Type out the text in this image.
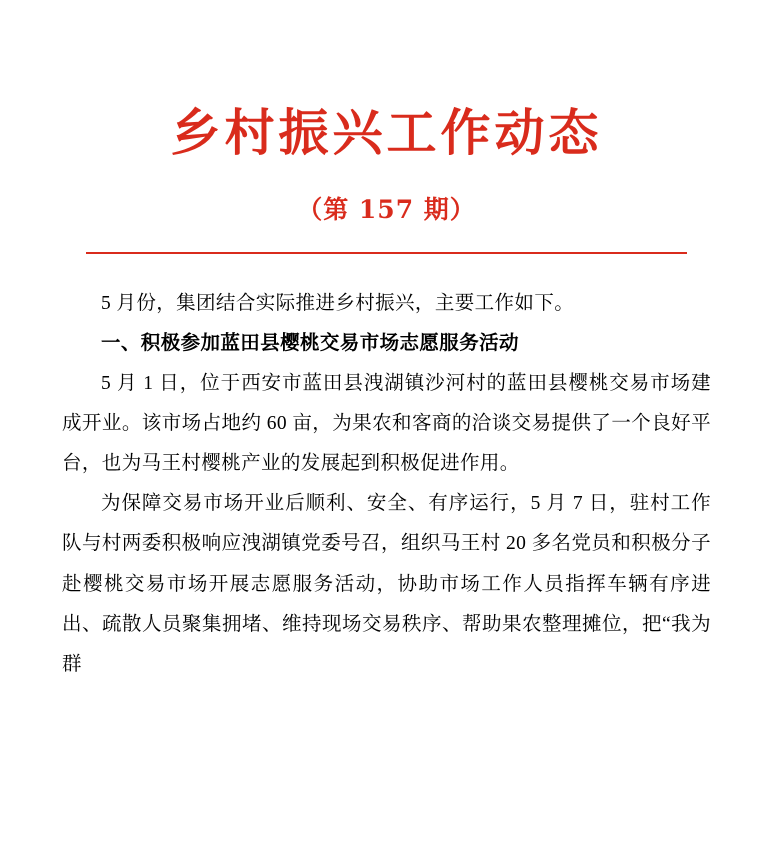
乡村振兴工作动态
（第 157 期）

5 月份，集团结合实际推进乡村振兴，主要工作如下。

一、积极参加蓝田县樱桃交易市场志愿服务活动

5 月 1 日，位于西安市蓝田县洩湖镇沙河村的蓝田县樱桃交易市场建成开业。该市场占地约 60 亩，为果农和客商的洽谈交易提供了一个良好平台，也为马王村樱桃产业的发展起到积极促进作用。

为保障交易市场开业后顺利、安全、有序运行，5 月 7 日，驻村工作队与村两委积极响应洩湖镇党委号召，组织马王村 20 多名党员和积极分子赴樱桃交易市场开展志愿服务活动，协助市场工作人员指挥车辆有序进出、疏散人员聚集拥堵、维持现场交易秩序、帮助果农整理摊位，把“我为群
